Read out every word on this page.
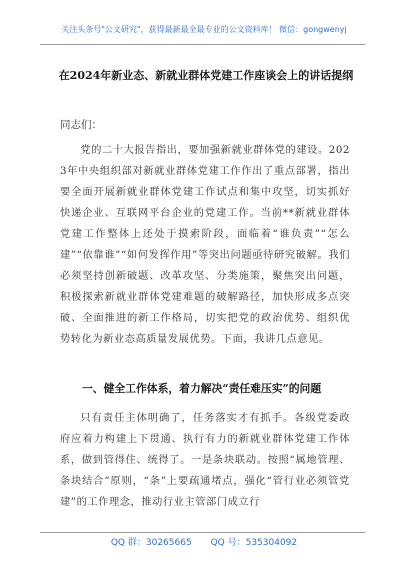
关注头条号"公文研究"，获得最新最全最专业的公文资料库！ 微信：gongwenyj
在2024年新业态、新就业群体党建工作座谈会上的讲话提纲
同志们：
党的二十大报告指出，要加强新就业群体党的建设。2023年中央组织部对新就业群体党建工作作出了重点部署，指出要全面开展新就业群体党建工作试点和集中攻坚，切实抓好快递企业、互联网平台企业的党建工作。当前**新就业群体党建工作整体上还处于摸索阶段，面临着“谁负责”“怎么建”“依靠谁”“如何发挥作用”等突出问题亟待研究破解。我们必须坚持创新破题、改革攻坚、分类施策，聚焦突出问题，积极探索新就业群体党建难题的破解路径，加快形成多点突破、全面推进的新工作格局，切实把党的政治优势、组织优势转化为新业态高质量发展优势。下面，我讲几点意见。
一、健全工作体系，着力解决“责任难压实”的问题
只有责任主体明确了，任务落实才有抓手。各级党委政府应着力构建上下贯通、执行有力的新就业群体党建工作体系，做到管得住、统得了。一是条块联动。按照“属地管理、条块结合”原则，“条”上要疏通堵点，强化“管行业必须管党建”的工作理念，推动行业主管部门成立行
QQ 群：30265665 QQ 号：535304092
